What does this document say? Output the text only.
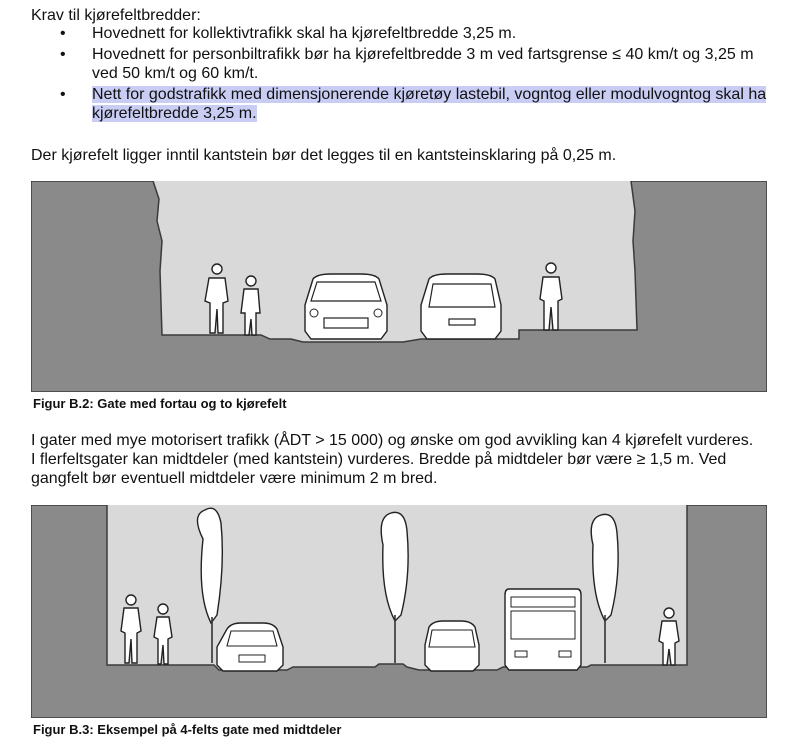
Krav til kjørefeltbredder:

• Hovednett for kollektivtrafikk skal ha kjørefeltbredde 3,25 m.
• Hovednett for personbiltrafikk bør ha kjørefeltbredde 3 m ved fartsgrense ≤ 40 km/t og 3,25 m ved 50 km/t og 60 km/t.
• Nett for godstrafikk med dimensjonerende kjøretøy lastebil, vogntog eller modulvogntog skal ha kjørefeltbredde 3,25 m.

Der kjørefelt ligger inntil kantstein bør det legges til en kantsteinsklaring på 0,25 m.

Figur B.2: Gate med fortau og to kjørefelt

I gater med mye motorisert trafikk (ÅDT > 15 000) og ønske om god avvikling kan 4 kjørefelt vurderes. I flerfeltsgater kan midtdeler (med kantstein) vurderes. Bredde på midtdeler bør være ≥ 1,5 m. Ved gangfelt bør eventuell midtdeler være minimum 2 m bred.

Figur B.3: Eksempel på 4-felts gate med midtdeler
